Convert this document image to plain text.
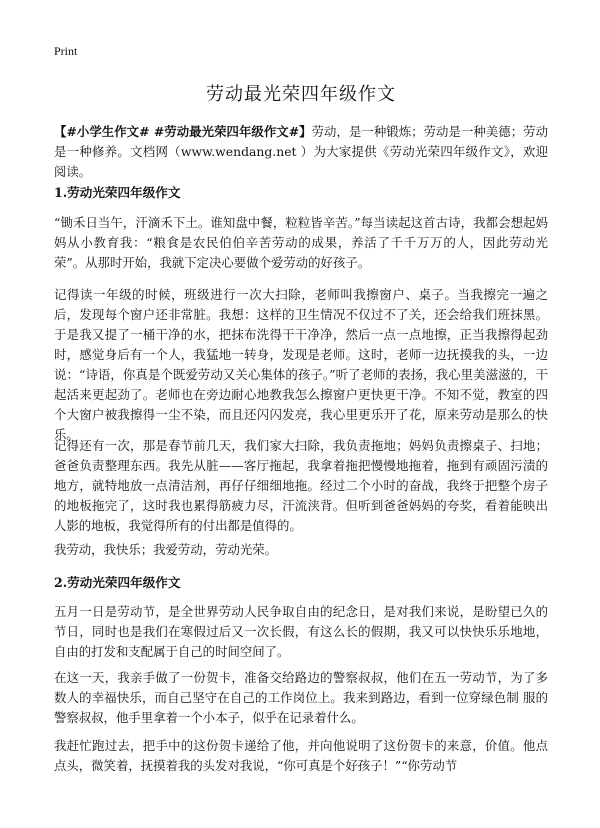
Print
劳动最光荣四年级作文

【#小学生作文# #劳动最光荣四年级作文#】劳动，是一种锻炼；劳动是一种美德；劳动是一种修养。文档网（www.wendang.net ）为大家提供《劳动光荣四年级作文》，欢迎阅读。

1.劳动光荣四年级作文

“锄禾日当午，汗滴禾下土。谁知盘中餐，粒粒皆辛苦。”每当读起这首古诗，我都会想起妈妈从小教育我：“粮食是农民伯伯辛苦劳动的成果，养活了千千万万的人，因此劳动光荣”。从那时开始，我就下定决心要做个爱劳动的好孩子。

记得读一年级的时候，班级进行一次大扫除，老师叫我擦窗户、桌子。当我擦完一遍之后，发现每个窗户还非常脏。我想：这样的卫生情况不仅过不了关，还会给我们班抹黑。于是我又提了一桶干净的水，把抹布洗得干干净净，然后一点一点地擦，正当我擦得起劲时，感觉身后有一个人，我猛地一转身，发现是老师。这时，老师一边抚摸我的头，一边说：“诗语，你真是个既爱劳动又关心集体的孩子。”听了老师的表扬，我心里美滋滋的，干起活来更起劲了。老师也在旁边耐心地教我怎么擦窗户更快更干净。不知不觉，教室的四个大窗户被我擦得一尘不染，而且还闪闪发亮，我心里更乐开了花，原来劳动是那么的快乐。

记得还有一次，那是春节前几天，我们家大扫除，我负责拖地；妈妈负责擦桌子、扫地；爸爸负责整理东西。我先从脏——客厅拖起，我拿着拖把慢慢地拖着，拖到有顽固污渍的地方，就特地放一点清洁剂，再仔仔细细地拖。经过二个小时的奋战，我终于把整个房子的地板拖完了，这时我也累得筋疲力尽，汗流浃背。但听到爸爸妈妈的夸奖，看着能映出人影的地板，我觉得所有的付出都是值得的。

我劳动，我快乐；我爱劳动，劳动光荣。

2.劳动光荣四年级作文

五月一日是劳动节，是全世界劳动人民争取自由的纪念日，是对我们来说，是盼望已久的节日，同时也是我们在寒假过后又一次长假，有这么长的假期，我又可以快快乐乐地地，自由的打发和支配属于自己的时间空间了。

在这一天，我亲手做了一份贺卡，准备交给路边的警察叔叔，他们在五一劳动节，为了多数人的幸福快乐，而自己坚守在自己的工作岗位上。我来到路边，看到一位穿绿色制 服的警察叔叔，他手里拿着一个小本子，似乎在记录着什么。

我赶忙跑过去，把手中的这份贺卡递给了他，并向他说明了这份贺卡的来意，价值。他点点头，微笑着，抚摸着我的头发对我说，“你可真是个好孩子！”“你劳动节
